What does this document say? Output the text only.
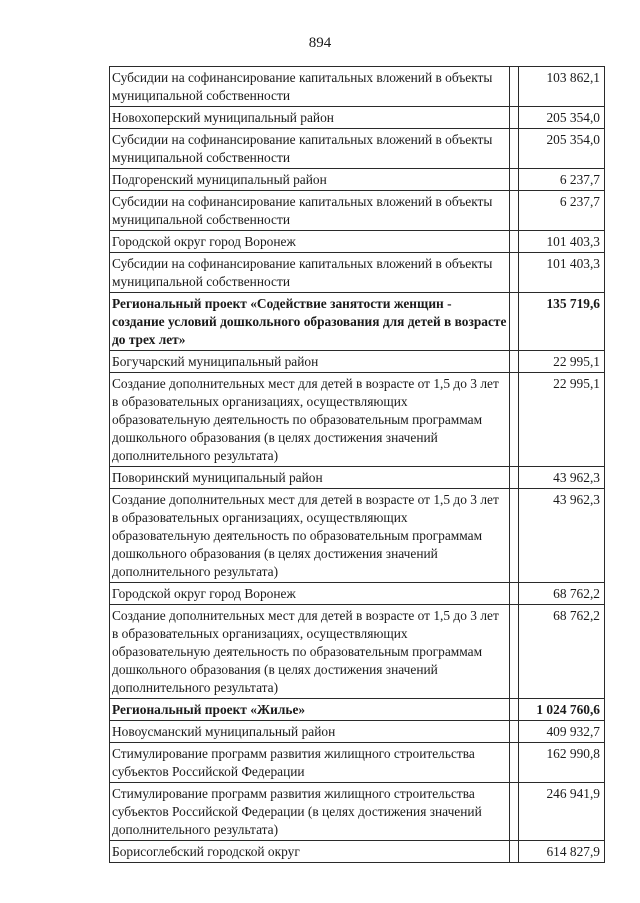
894
Субсидии на софинансирование капитальных вложений в объекты муниципальной собственности		103 862,1
Новохоперский муниципальный район		205 354,0
Субсидии на софинансирование капитальных вложений в объекты муниципальной собственности		205 354,0
Подгоренский муниципальный район		6 237,7
Субсидии на софинансирование капитальных вложений в объекты муниципальной собственности		6 237,7
Городской округ город Воронеж		101 403,3
Субсидии на софинансирование капитальных вложений в объекты муниципальной собственности		101 403,3
Региональный проект «Содействие занятости женщин - создание условий дошкольного образования для детей в возрасте до трех лет»		135 719,6
Богучарский муниципальный район		22 995,1
Создание дополнительных мест для детей в возрасте от 1,5 до 3 лет в образовательных организациях, осуществляющих образовательную деятельность по образовательным программам дошкольного образования (в целях достижения значений дополнительного результата)		22 995,1
Поворинский муниципальный район		43 962,3
Создание дополнительных мест для детей в возрасте от 1,5 до 3 лет в образовательных организациях, осуществляющих образовательную деятельность по образовательным программам дошкольного образования (в целях достижения значений дополнительного результата)		43 962,3
Городской округ город Воронеж		68 762,2
Создание дополнительных мест для детей в возрасте от 1,5 до 3 лет в образовательных организациях, осуществляющих образовательную деятельность по образовательным программам дошкольного образования (в целях достижения значений дополнительного результата)		68 762,2
Региональный проект «Жилье»		1 024 760,6
Новоусманский муниципальный район		409 932,7
Стимулирование программ развития жилищного строительства субъектов Российской Федерации		162 990,8
Стимулирование программ развития жилищного строительства субъектов Российской Федерации (в целях достижения значений дополнительного результата)		246 941,9
Борисоглебский городской округ		614 827,9
